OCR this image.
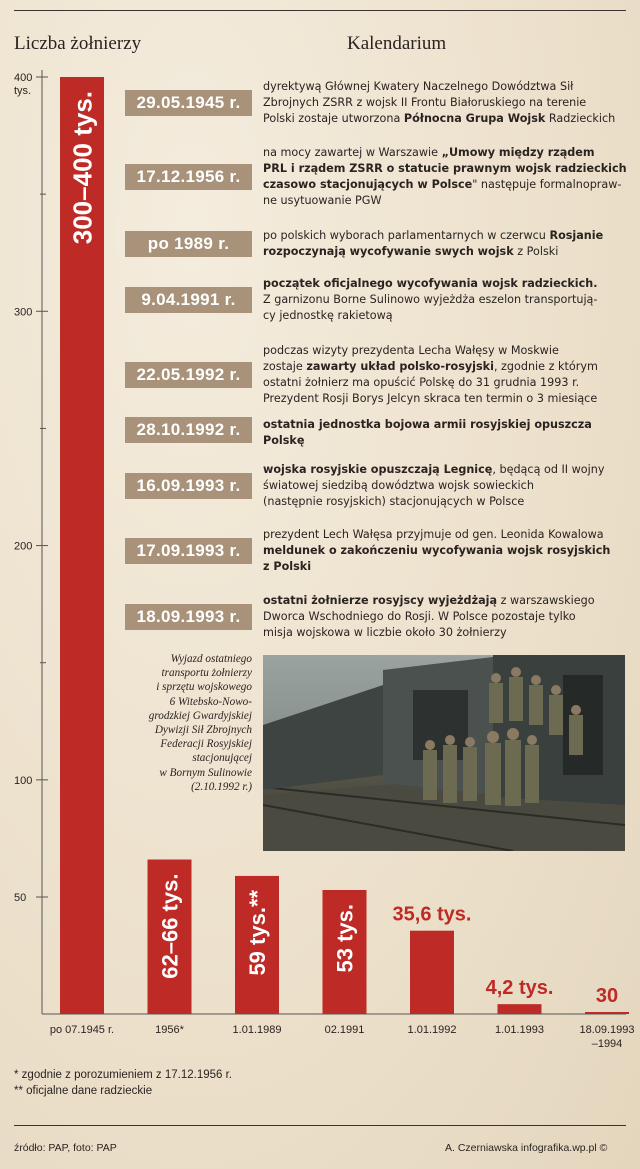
Liczba żołnierzy	Kalendarium
400
tys.
300
200
100
50
300–400 tys.
po 07.1945 r.
62–66 tys.
1956*
59 tys.**
1.01.1989
53 tys.
02.1991
35,6 tys.
1.01.1992
4,2 tys.
1.01.1993
30
18.09.1993
–1994
29.05.1945 r.
dyrektywą Głównej Kwatery Naczelnego Dowództwa Sił
Zbrojnych ZSRR z wojsk II Frontu Białoruskiego na terenie
Polski zostaje utworzona Północna Grupa Wojsk Radzieckich
17.12.1956 r.
na mocy zawartej w Warszawie „Umowy między rządem
PRL i rządem ZSRR o statucie prawnym wojsk radzieckich
czasowo stacjonujących w Polsce" następuje formalnopraw-
ne usytuowanie PGW
po 1989 r.	po polskich wyborach parlamentarnych w czerwcu Rosjanie
rozpoczynają wycofywanie swych wojsk z Polski
9.04.1991 r.
początek oficjalnego wycofywania wojsk radzieckich.
Z garnizonu Borne Sulinowo wyjeżdża eszelon transportują-
cy jednostkę rakietową
22.05.1992 r.
podczas wizyty prezydenta Lecha Wałęsy w Moskwie
zostaje zawarty układ polsko-rosyjski, zgodnie z którym
ostatni żołnierz ma opuścić Polskę do 31 grudnia 1993 r.
Prezydent Rosji Borys Jelcyn skraca ten termin o 3 miesiące
28.10.1992 r.	ostatnia jednostka bojowa armii rosyjskiej opuszcza Polskę
16.09.1993 r.
wojska rosyjskie opuszczają Legnicę, będącą od II wojny
światowej siedzibą dowództwa wojsk sowieckich
(następnie rosyjskich) stacjonujących w Polsce
17.09.1993 r.
prezydent Lech Wałęsa przyjmuje od gen. Leonida Kowalowa
meldunek o zakończeniu wycofywania wojsk rosyjskich
z Polski
18.09.1993 r.
ostatni żołnierze rosyjscy wyjeżdżają z warszawskiego
Dworca Wschodniego do Rosji. W Polsce pozostaje tylko
misja wojskowa w liczbie około 30 żołnierzy
Wyjazd ostatniego
transportu żołnierzy
i sprzętu wojskowego
6 Witebsko-Nowo-
grodzkiej Gwardyjskiej
Dywizji Sił Zbrojnych
Federacji Rosyjskiej
stacjonującej
w Bornym Sulinowie
(2.10.1992 r.)
* zgodnie z porozumieniem z 17.12.1956 r.
** oficjalne dane radzieckie
źródło: PAP, foto: PAP	A. Czerniawska infografika.wp.pl ©
